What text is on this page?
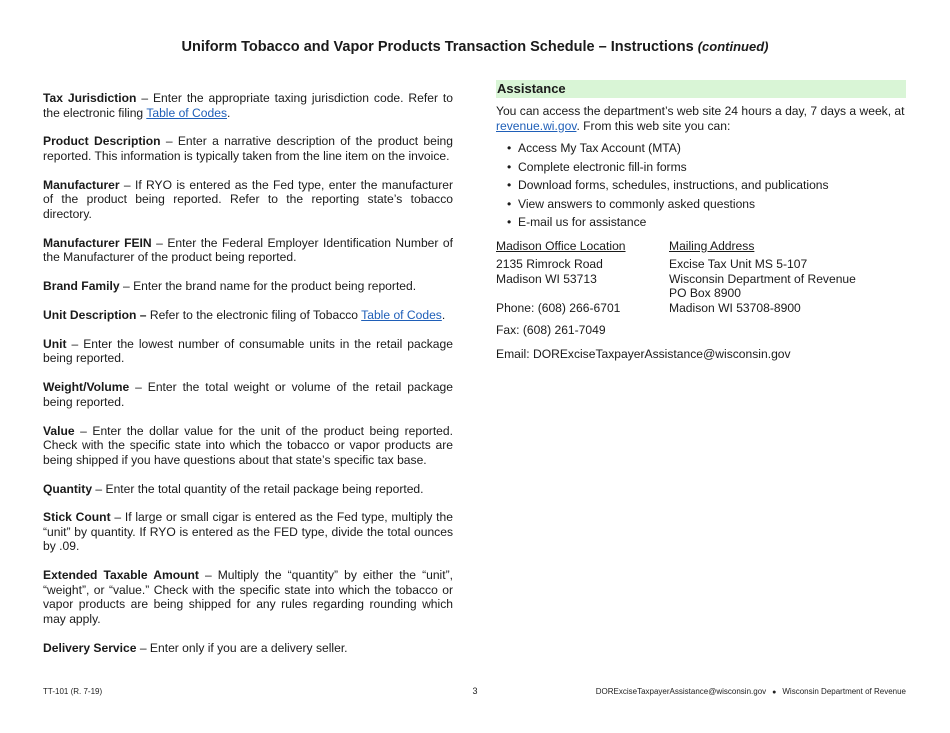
Uniform Tobacco and Vapor Products Transaction Schedule – Instructions (continued)

Tax Jurisdiction – Enter the appropriate taxing jurisdiction code. Refer to the electronic filing Table of Codes.

Product Description – Enter a narrative description of the product being reported. This information is typically taken from the line item on the invoice.

Manufacturer – If RYO is entered as the Fed type, enter the manufacturer of the product being reported. Refer to the reporting state’s tobacco directory.

Manufacturer FEIN – Enter the Federal Employer Identification Number of the Manufacturer of the product being reported.

Brand Family – Enter the brand name for the product being reported.

Unit Description – Refer to the electronic filing of Tobacco Table of Codes.

Unit – Enter the lowest number of consumable units in the retail package being reported.

Weight/Volume – Enter the total weight or volume of the retail package being reported.

Value – Enter the dollar value for the unit of the product being reported. Check with the specific state into which the tobacco or vapor products are being shipped if you have questions about that state’s specific tax base.

Quantity – Enter the total quantity of the retail package being reported.

Stick Count – If large or small cigar is entered as the Fed type, multiply the “unit” by quantity. If RYO is entered as the FED type, divide the total ounces by .09.

Extended Taxable Amount – Multiply the “quantity” by either the “unit”, “weight”, or “value.” Check with the specific state into which the tobacco or vapor products are being shipped for any rules regarding rounding which may apply.

Delivery Service – Enter only if you are a delivery seller.

Assistance

You can access the department’s web site 24 hours a day, 7 days a week, at revenue.wi.gov. From this web site you can:

• Access My Tax Account (MTA)
• Complete electronic fill-in forms
• Download forms, schedules, instructions, and publications
• View answers to commonly asked questions
• E-mail us for assistance
Madison Office Location
2135 Rimrock Road
Madison WI 53713

Phone: (608) 266-6701
Mailing Address
Excise Tax Unit MS 5-107
Wisconsin Department of Revenue
PO Box 8900
Madison WI 53708-8900
Fax: (608) 261-7049
Email: DORExciseTaxpayerAssistance@wisconsin.gov
TT-101 (R. 7-19)	3	DORExciseTaxpayerAssistance@wisconsin.gov ● Wisconsin Department of Revenue
